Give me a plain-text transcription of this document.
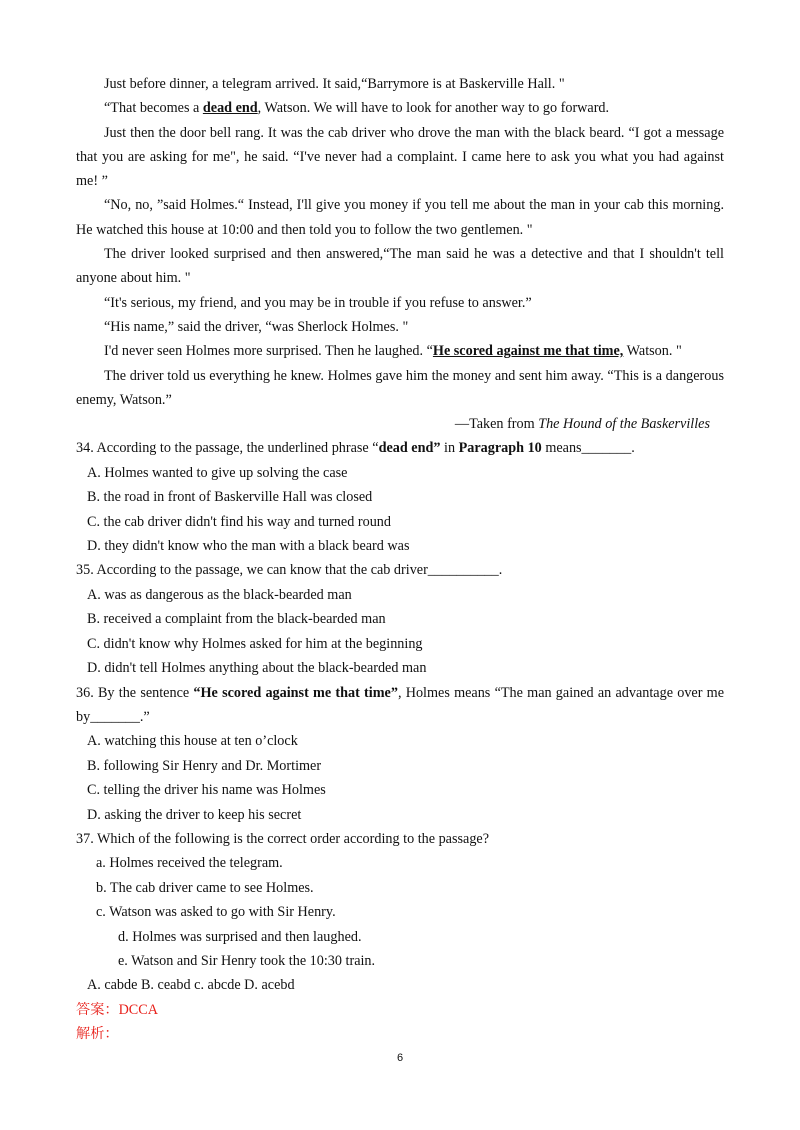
Just before dinner, a telegram arrived. It said,“Barrymore is at Baskerville Hall. "

“That becomes a dead end, Watson. We will have to look for another way to go forward.

Just then the door bell rang. It was the cab driver who drove the man with the black beard. “I got a message that you are asking for me", he said. “I've never had a complaint. I came here to ask you what you had against me! ”

“No, no, ”said Holmes.“ Instead, I'll give you money if you tell me about the man in your cab this morning. He watched this house at 10:00 and then told you to follow the two gentlemen. "

The driver looked surprised and then answered,“The man said he was a detective and that I shouldn't tell anyone about him. "

“It's serious, my friend, and you may be in trouble if you refuse to answer.”

“His name,” said the driver, “was Sherlock Holmes. "

I'd never seen Holmes more surprised. Then he laughed. “He scored against me that time, Watson. "

The driver told us everything he knew. Holmes gave him the money and sent him away. “This is a dangerous enemy, Watson.”

—Taken from The Hound of the Baskervilles

34. According to the passage, the underlined phrase “dead end” in Paragraph 10 means_______.

A. Holmes wanted to give up solving the case

B. the road in front of Baskerville Hall was closed

C. the cab driver didn't find his way and turned round

D. they didn't know who the man with a black beard was

35. According to the passage, we can know that the cab driver__________.

A. was as dangerous as the black-bearded man

B. received a complaint from the black-bearded man

C. didn't know why Holmes asked for him at the beginning

D. didn't tell Holmes anything about the black-bearded man

36. By the sentence “He scored against me that time”, Holmes means “The man gained an advantage over me by_______.”

A. watching this house at ten o’clock

B. following Sir Henry and Dr. Mortimer

C. telling the driver his name was Holmes

D. asking the driver to keep his secret

37. Which of the following is the correct order according to the passage?

a. Holmes received the telegram.

b. The cab driver came to see Holmes.

c. Watson was asked to go with Sir Henry.

d. Holmes was surprised and then laughed.

e. Watson and Sir Henry took the 10:30 train.

A. cabde B. ceabd c. abcde D. acebd

答案：DCCA

解析：

6
